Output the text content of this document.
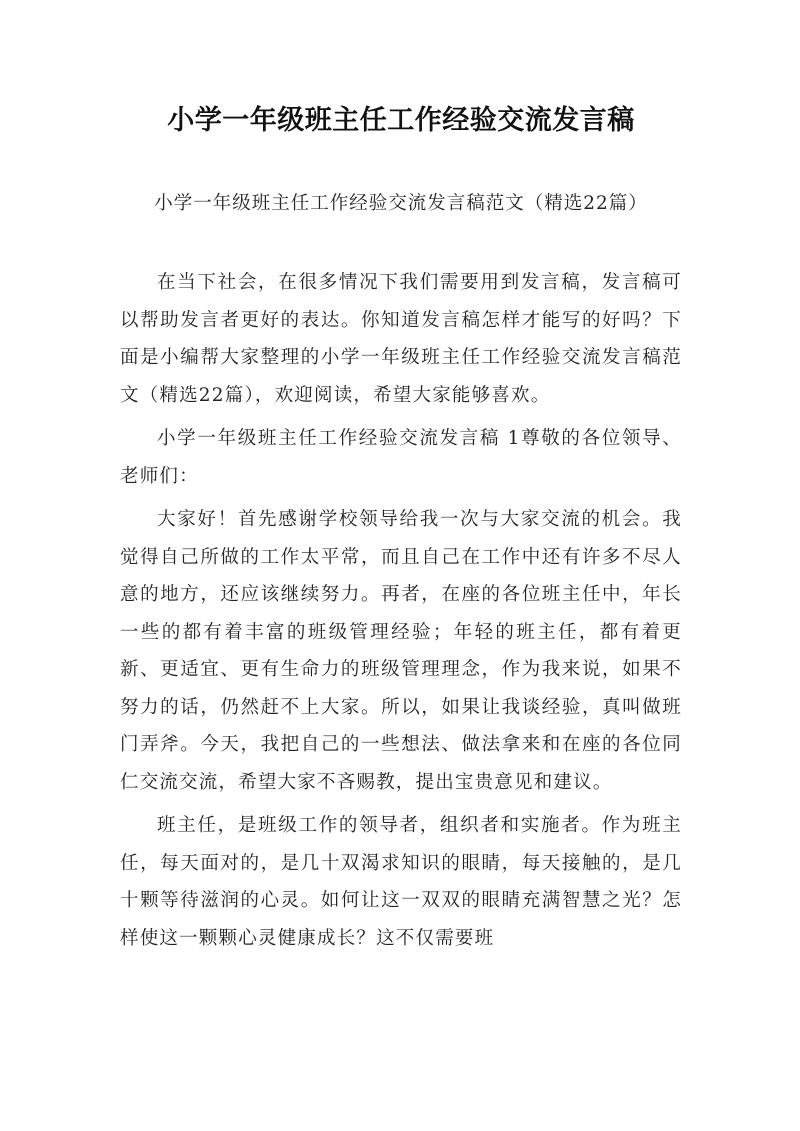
小学一年级班主任工作经验交流发言稿

小学一年级班主任工作经验交流发言稿范文（精选22篇）

在当下社会，在很多情况下我们需要用到发言稿，发言稿可以帮助发言者更好的表达。你知道发言稿怎样才能写的好吗？下面是小编帮大家整理的小学一年级班主任工作经验交流发言稿范文（精选22篇），欢迎阅读，希望大家能够喜欢。

小学一年级班主任工作经验交流发言稿 1尊敬的各位领导、老师们：

大家好！首先感谢学校领导给我一次与大家交流的机会。我觉得自己所做的工作太平常，而且自己在工作中还有许多不尽人意的地方，还应该继续努力。再者，在座的各位班主任中，年长一些的都有着丰富的班级管理经验；年轻的班主任，都有着更新、更适宜、更有生命力的班级管理理念，作为我来说，如果不努力的话，仍然赶不上大家。所以，如果让我谈经验，真叫做班门弄斧。今天，我把自己的一些想法、做法拿来和在座的各位同仁交流交流，希望大家不吝赐教，提出宝贵意见和建议。

班主任，是班级工作的领导者，组织者和实施者。作为班主任，每天面对的，是几十双渴求知识的眼睛，每天接触的，是几十颗等待滋润的心灵。如何让这一双双的眼睛充满智慧之光？怎样使这一颗颗心灵健康成长？这不仅需要班
